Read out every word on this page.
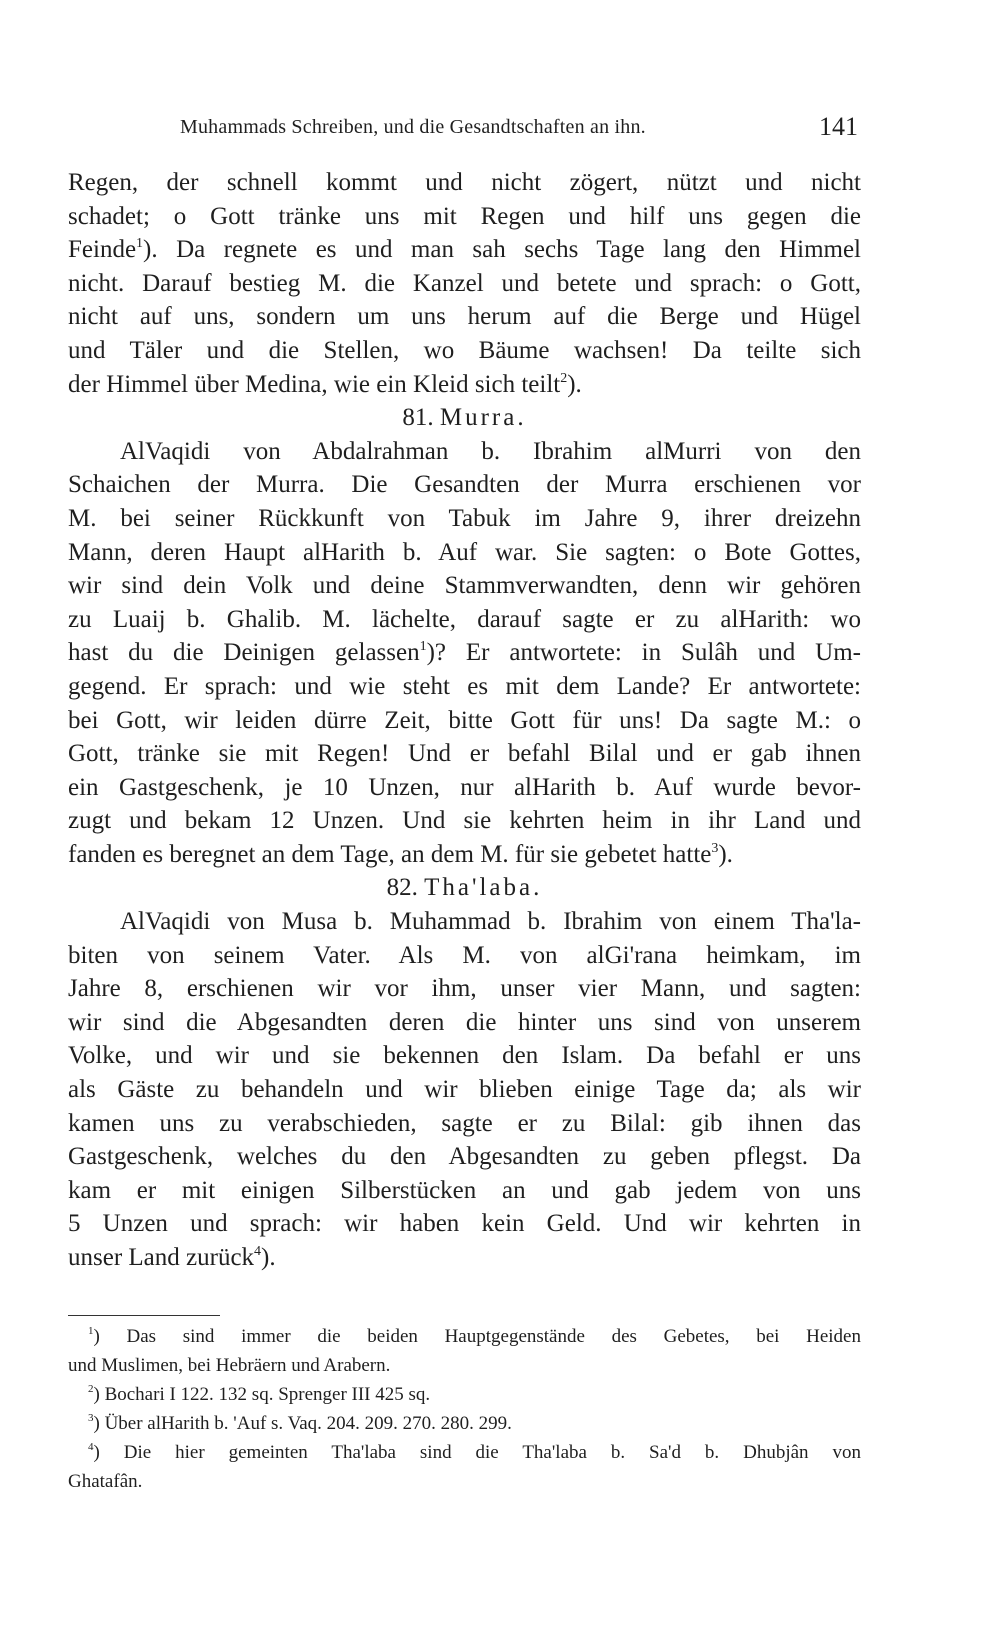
Muhammads Schreiben, und die Gesandtschaften an ihn.	141
Regen, der schnell kommt und nicht zögert, nützt und nicht
schadet; o Gott tränke uns mit Regen und hilf uns gegen die
Feinde$^1$). Da regnete es und man sah sechs Tage lang den Himmel
nicht. Darauf bestieg M. die Kanzel und betete und sprach: o Gott,
nicht auf uns, sondern um uns herum auf die Berge und Hügel
und Täler und die Stellen, wo Bäume wachsen! Da teilte sich
der Himmel über Medina, wie ein Kleid sich teilt$^2$).
81. Murra.
AlVaqidi von Abdalrahman b. Ibrahim alMurri von den
Schaichen der Murra. Die Gesandten der Murra erschienen vor
M. bei seiner Rückkunft von Tabuk im Jahre 9, ihrer dreizehn
Mann, deren Haupt alHarith b. Auf war. Sie sagten: o Bote Gottes,
wir sind dein Volk und deine Stammverwandten, denn wir gehören
zu Luaij b. Ghalib. M. lächelte, darauf sagte er zu alHarith: wo
hast du die Deinigen gelassen$^1$)? Er antwortete: in Sulâh und Um-
gegend. Er sprach: und wie steht es mit dem Lande? Er antwortete:
bei Gott, wir leiden dürre Zeit, bitte Gott für uns! Da sagte M.: o
Gott, tränke sie mit Regen! Und er befahl Bilal und er gab ihnen
ein Gastgeschenk, je 10 Unzen, nur alHarith b. Auf wurde bevor-
zugt und bekam 12 Unzen. Und sie kehrten heim in ihr Land und
fanden es beregnet an dem Tage, an dem M. für sie gebetet hatte$^3$).
82. Tha'laba.
AlVaqidi von Musa b. Muhammad b. Ibrahim von einem Tha'la-
biten von seinem Vater. Als M. von alGi'rana heimkam, im
Jahre 8, erschienen wir vor ihm, unser vier Mann, und sagten:
wir sind die Abgesandten deren die hinter uns sind von unserem
Volke, und wir und sie bekennen den Islam. Da befahl er uns
als Gäste zu behandeln und wir blieben einige Tage da; als wir
kamen uns zu verabschieden, sagte er zu Bilal: gib ihnen das
Gastgeschenk, welches du den Abgesandten zu geben pflegst. Da
kam er mit einigen Silberstücken an und gab jedem von uns
5 Unzen und sprach: wir haben kein Geld. Und wir kehrten in
unser Land zurück$^4$).
$^1$) Das sind immer die beiden Hauptgegenstände des Gebetes, bei Heiden
und Muslimen, bei Hebräern und Arabern.
$^2$) Bochari I 122. 132 sq. Sprenger III 425 sq.
$^3$) Über alHarith b. 'Auf s. Vaq. 204. 209. 270. 280. 299.
$^4$) Die hier gemeinten Tha'laba sind die Tha'laba b. Sa'd b. Dhubjân von
Ghatafân.
